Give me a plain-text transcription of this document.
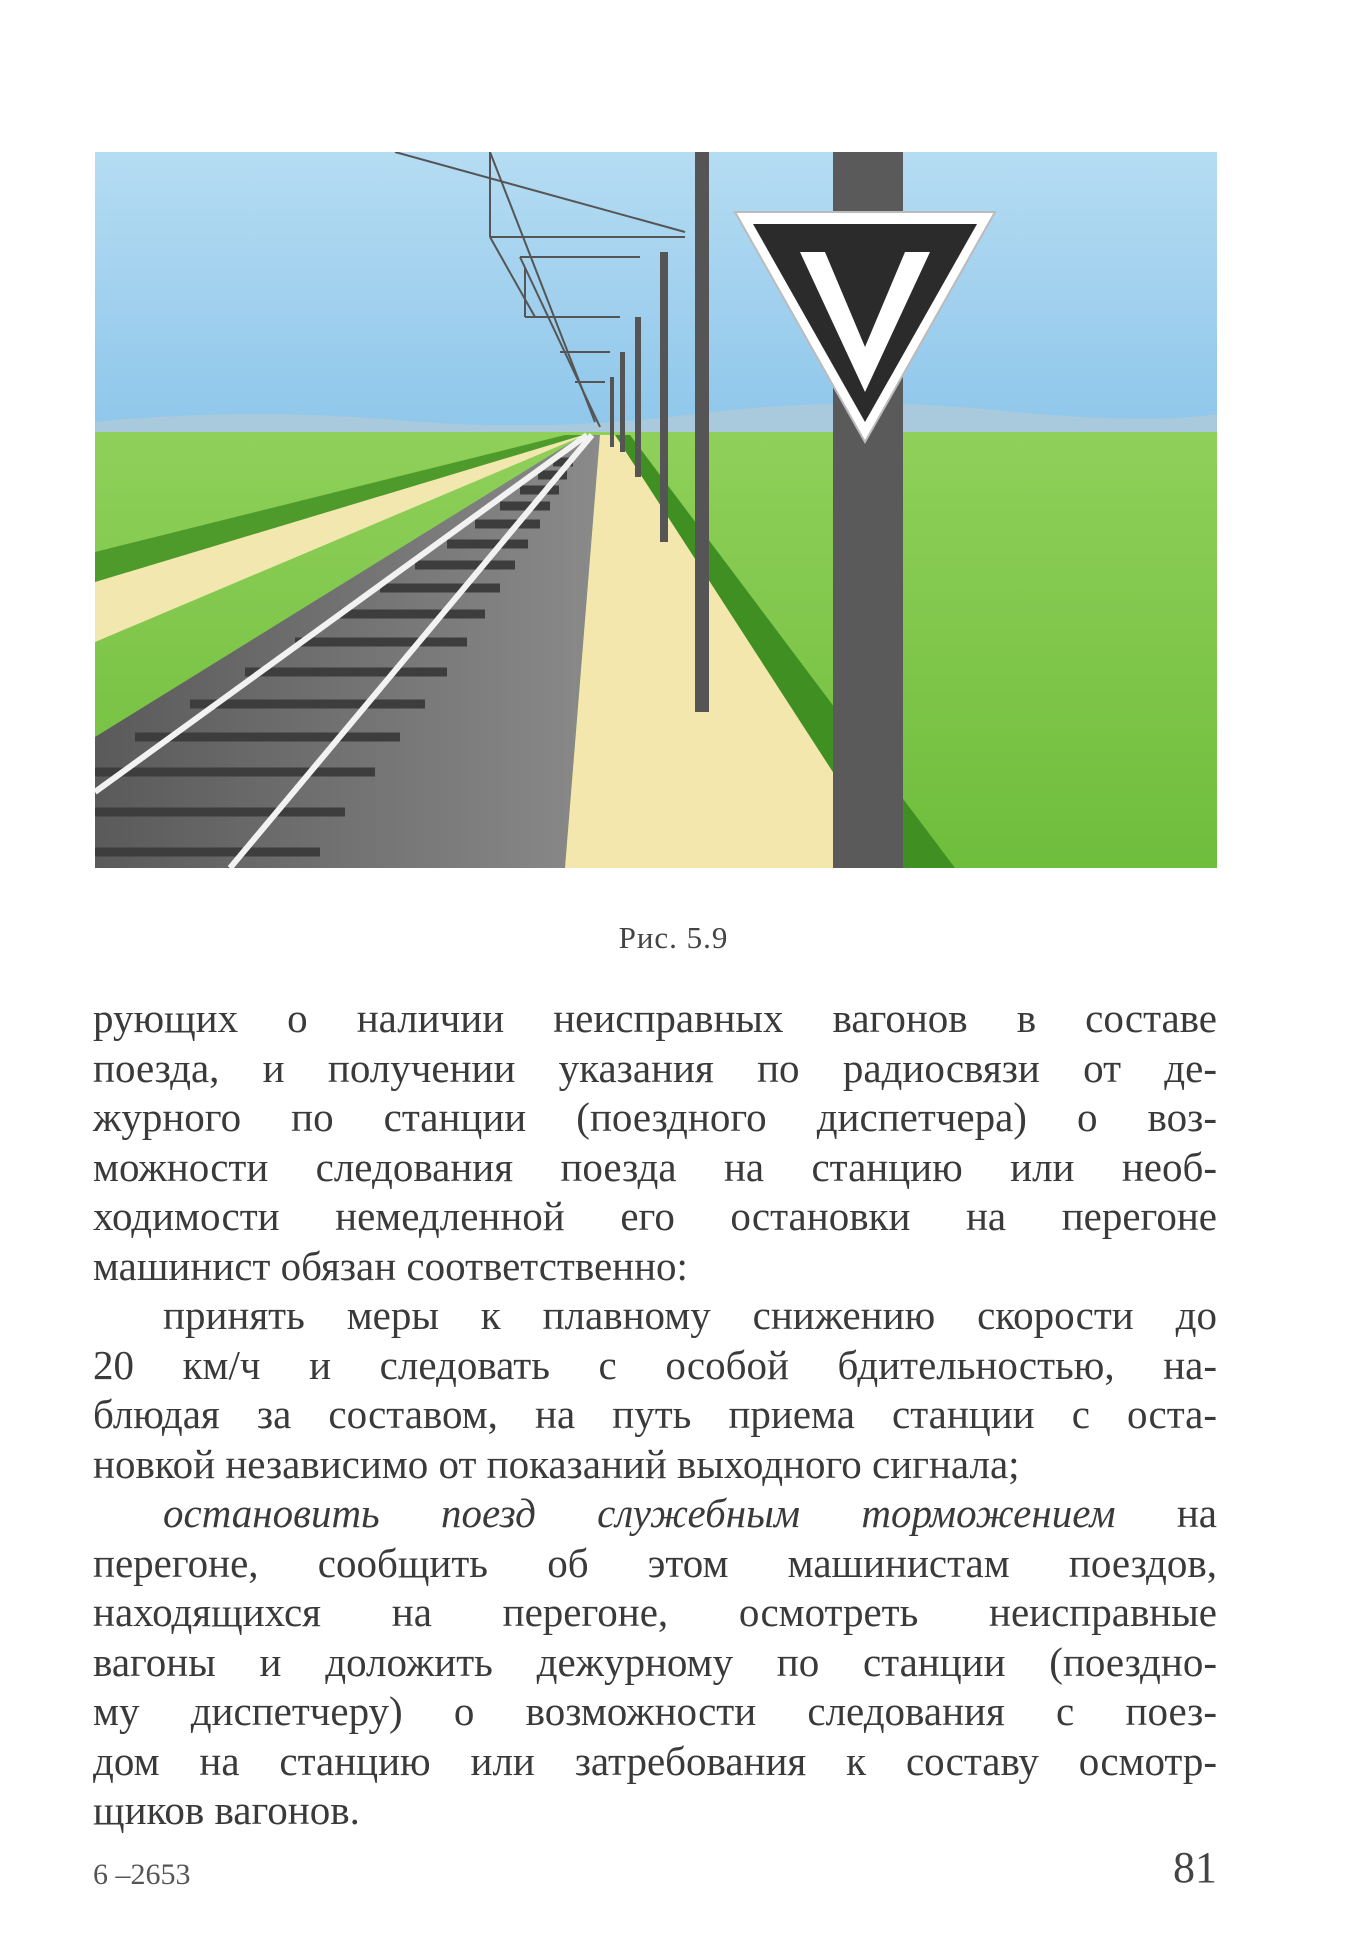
Рис. 5.9

рующих о наличии неисправных вагонов в составе
поезда, и получении указания по радиосвязи от де-
журного по станции (поездного диспетчера) о воз-
можности следования поезда на станцию или необ-
ходимости немедленной его остановки на перегоне
машинист обязан соответственно:

принять меры к плавному снижению скорости до
20 км/ч и следовать с особой бдительностью, на-
блюдая за составом, на путь приема станции с оста-
новкой независимо от показаний выходного сигнала;

остановить поезд служебным торможением на
перегоне, сообщить об этом машинистам поездов,
находящихся на перегоне, осмотреть неисправные
вагоны и доложить дежурному по станции (поездно-
му диспетчеру) о возможности следования с поез-
дом на станцию или затребования к составу осмотр-
щиков вагонов.

6 –2653	81
